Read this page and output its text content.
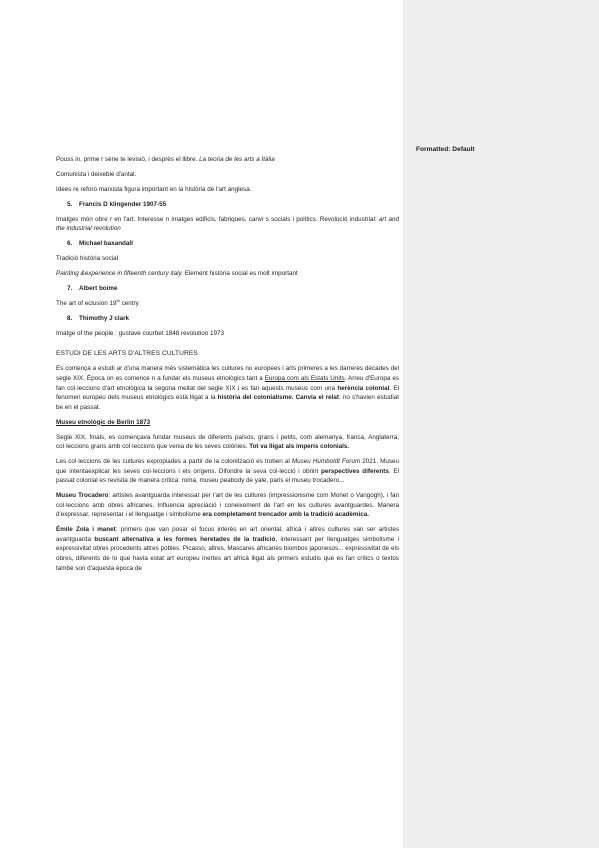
Pouss in, prime r sèrie te levisió, i desprès el llibre. La teoria de les arts a Itàlia

Comunista i deixeble d'antal.

Idees re reforo marxista figura important en la història de l'art anglesa.

5.	Francis D klingender 1907-55

Imatges món obre r en l'art. Interesse n imatges edificis, fabriques, canvi s socials i polítics. Revolució industrial: art and the industrial revolution

6.	Michael baxandall

Tradició història social

Painting &experience in fifteenth century italy. Element història social es molt important

7.	Albert boime

The art of eclusion 19th centry

8.	Thimothy J clark

Imatge of the people : gustave courbet 1848 revolution 1973

ESTUDI DE LES ARTS D'ALTRES CULTURES

Es comença a estudi ar d'una manera més sistemàtica les cultures no europees i arts primeres a les darreres dècades del segle XIX. Època on es comence n a fundar els museus etnològics tant a Europa com als Estats Units. Arreu d'Europa es fan col·leccions d'art etnològica la segona meitat del segle XIX i es fan aquests museus com una herència colonial. El fenomen europeu dels museus etnològics està lligat a la història del colonialisme. Canvia el relat: no s'havien estudiat be en el passat.

Museu etnològic de Berlin 1873

Segle XIX, finals, es començava fundar museus de diferents països, grans i petits, com alemanya, franca, Anglaterra, col·leccions grans amb col·leccions que venia de les seves colònies. Tot va lligat als imperis colonials.

Les col·leccions de les cultures expropiades a partir de la colonització es troben al Museu Humboldt Forum 2021. Museu que intentaexplicar les seves col·leccions i els orígens. Difondre la seva col·lecció i obrint perspectives diferents. El passat colonial es revisita de manera crítica: roma, museu peabody de yale, paris el museu trocadero...

Museu Trocadero: artistes avantguarda interessar per l'art de les cultures (impressionisme com Monet o Vangogh), i fan col·leccions amb obres africanes. Influencia apreciació i coneixement de l'art en les cultures avantguardes. Manera d'expressar, representar i el llenguatge i simbolisme era completament trencador amb la tradició acadèmica.

Émile Zola i manet: primers que van posar el focus interès en art oriental, africà i altres cultures van ser artistes avantguarda buscant alternativa a les formes heretades de la tradició, interessant per llenguatges simbolisme i expressivitat obres procedents altres pobles. Picasso, altres. Mascares africanes biombos japonesos... expressivitat de els obres, diferents de lo que havia estat art europeu inertes art africà lligat als primers estudis que es fan crítics o textos també son d'aquesta època de

Formatted: Default
